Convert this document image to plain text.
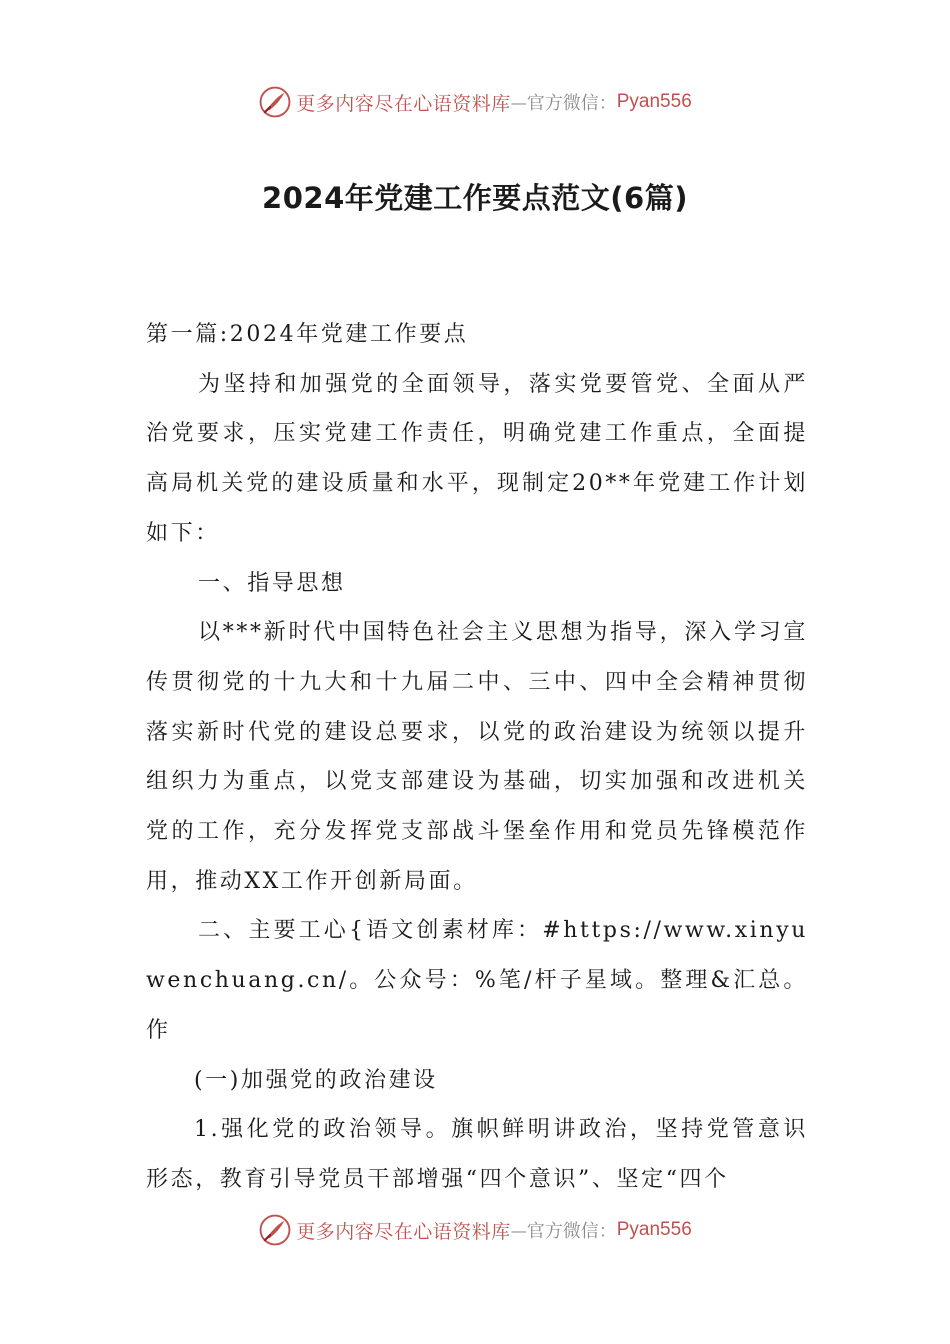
更多内容尽在心语资料库 — 官方微信： Pyan556
2024年党建工作要点范文(6篇)

第一篇:2024年党建工作要点

为坚持和加强党的全面领导，落实党要管党、全面从严治党要求，压实党建工作责任，明确党建工作重点，全面提高局机关党的建设质量和水平，现制定20**年党建工作计划如下：

一、指导思想

以***新时代中国特色社会主义思想为指导，深入学习宣传贯彻党的十九大和十九届二中、三中、四中全会精神贯彻落实新时代党的建设总要求，以党的政治建设为统领以提升组织力为重点，以党支部建设为基础，切实加强和改进机关党的工作，充分发挥党支部战斗堡垒作用和党员先锋模范作用，推动XX工作开创新局面。

二、主要工心{语文创素材库：#https://www.xinyuwenchuang.cn/。公众号：%笔/杆子星域。整理&汇总。作

(一)加强党的政治建设

1.强化党的政治领导。旗帜鲜明讲政治，坚持党管意识形态，教育引导党员干部增强“四个意识”、坚定“四个

更多内容尽在心语资料库 — 官方微信： Pyan556
